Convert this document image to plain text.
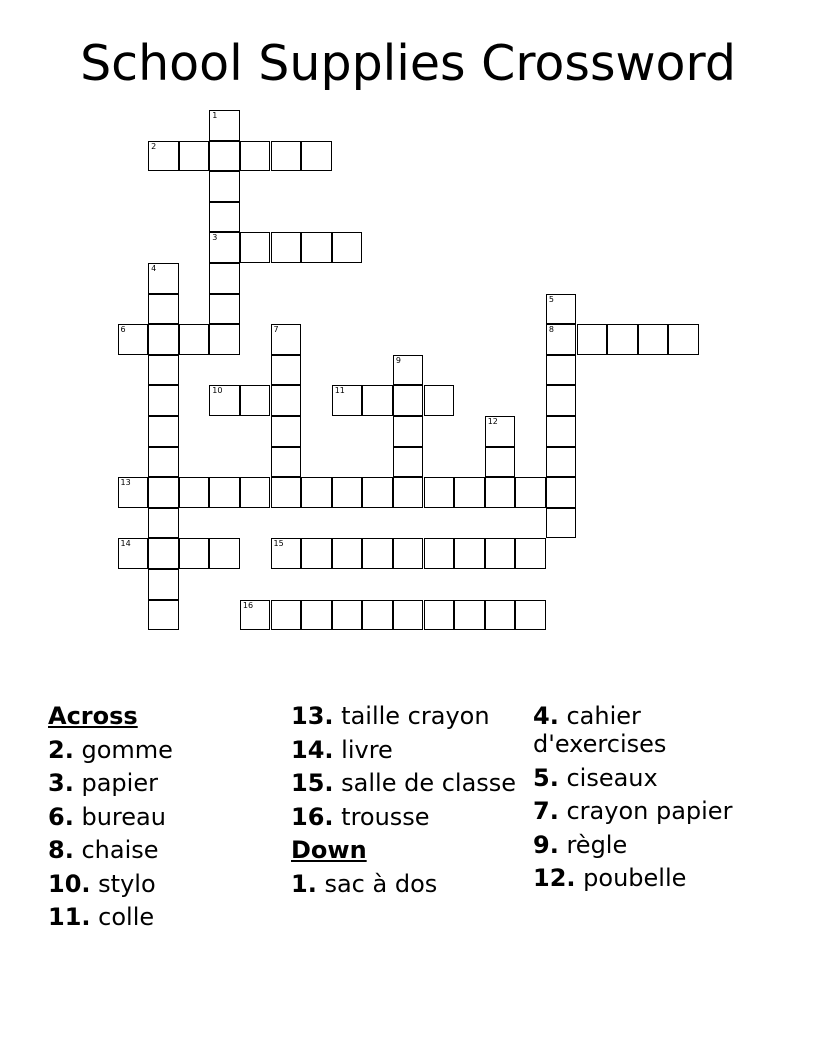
School Supplies Crossword
1
2
3
4
5
6	7	8
9
10	11
12
13
14	15
16
Across
2. gomme
3. papier
6. bureau
8. chaise
10. stylo
11. colle
13. taille crayon
14. livre
15. salle de classe
16. trousse
Down
1. sac à dos
4. cahier d'exercises
5. ciseaux
7. crayon papier
9. règle
12. poubelle
